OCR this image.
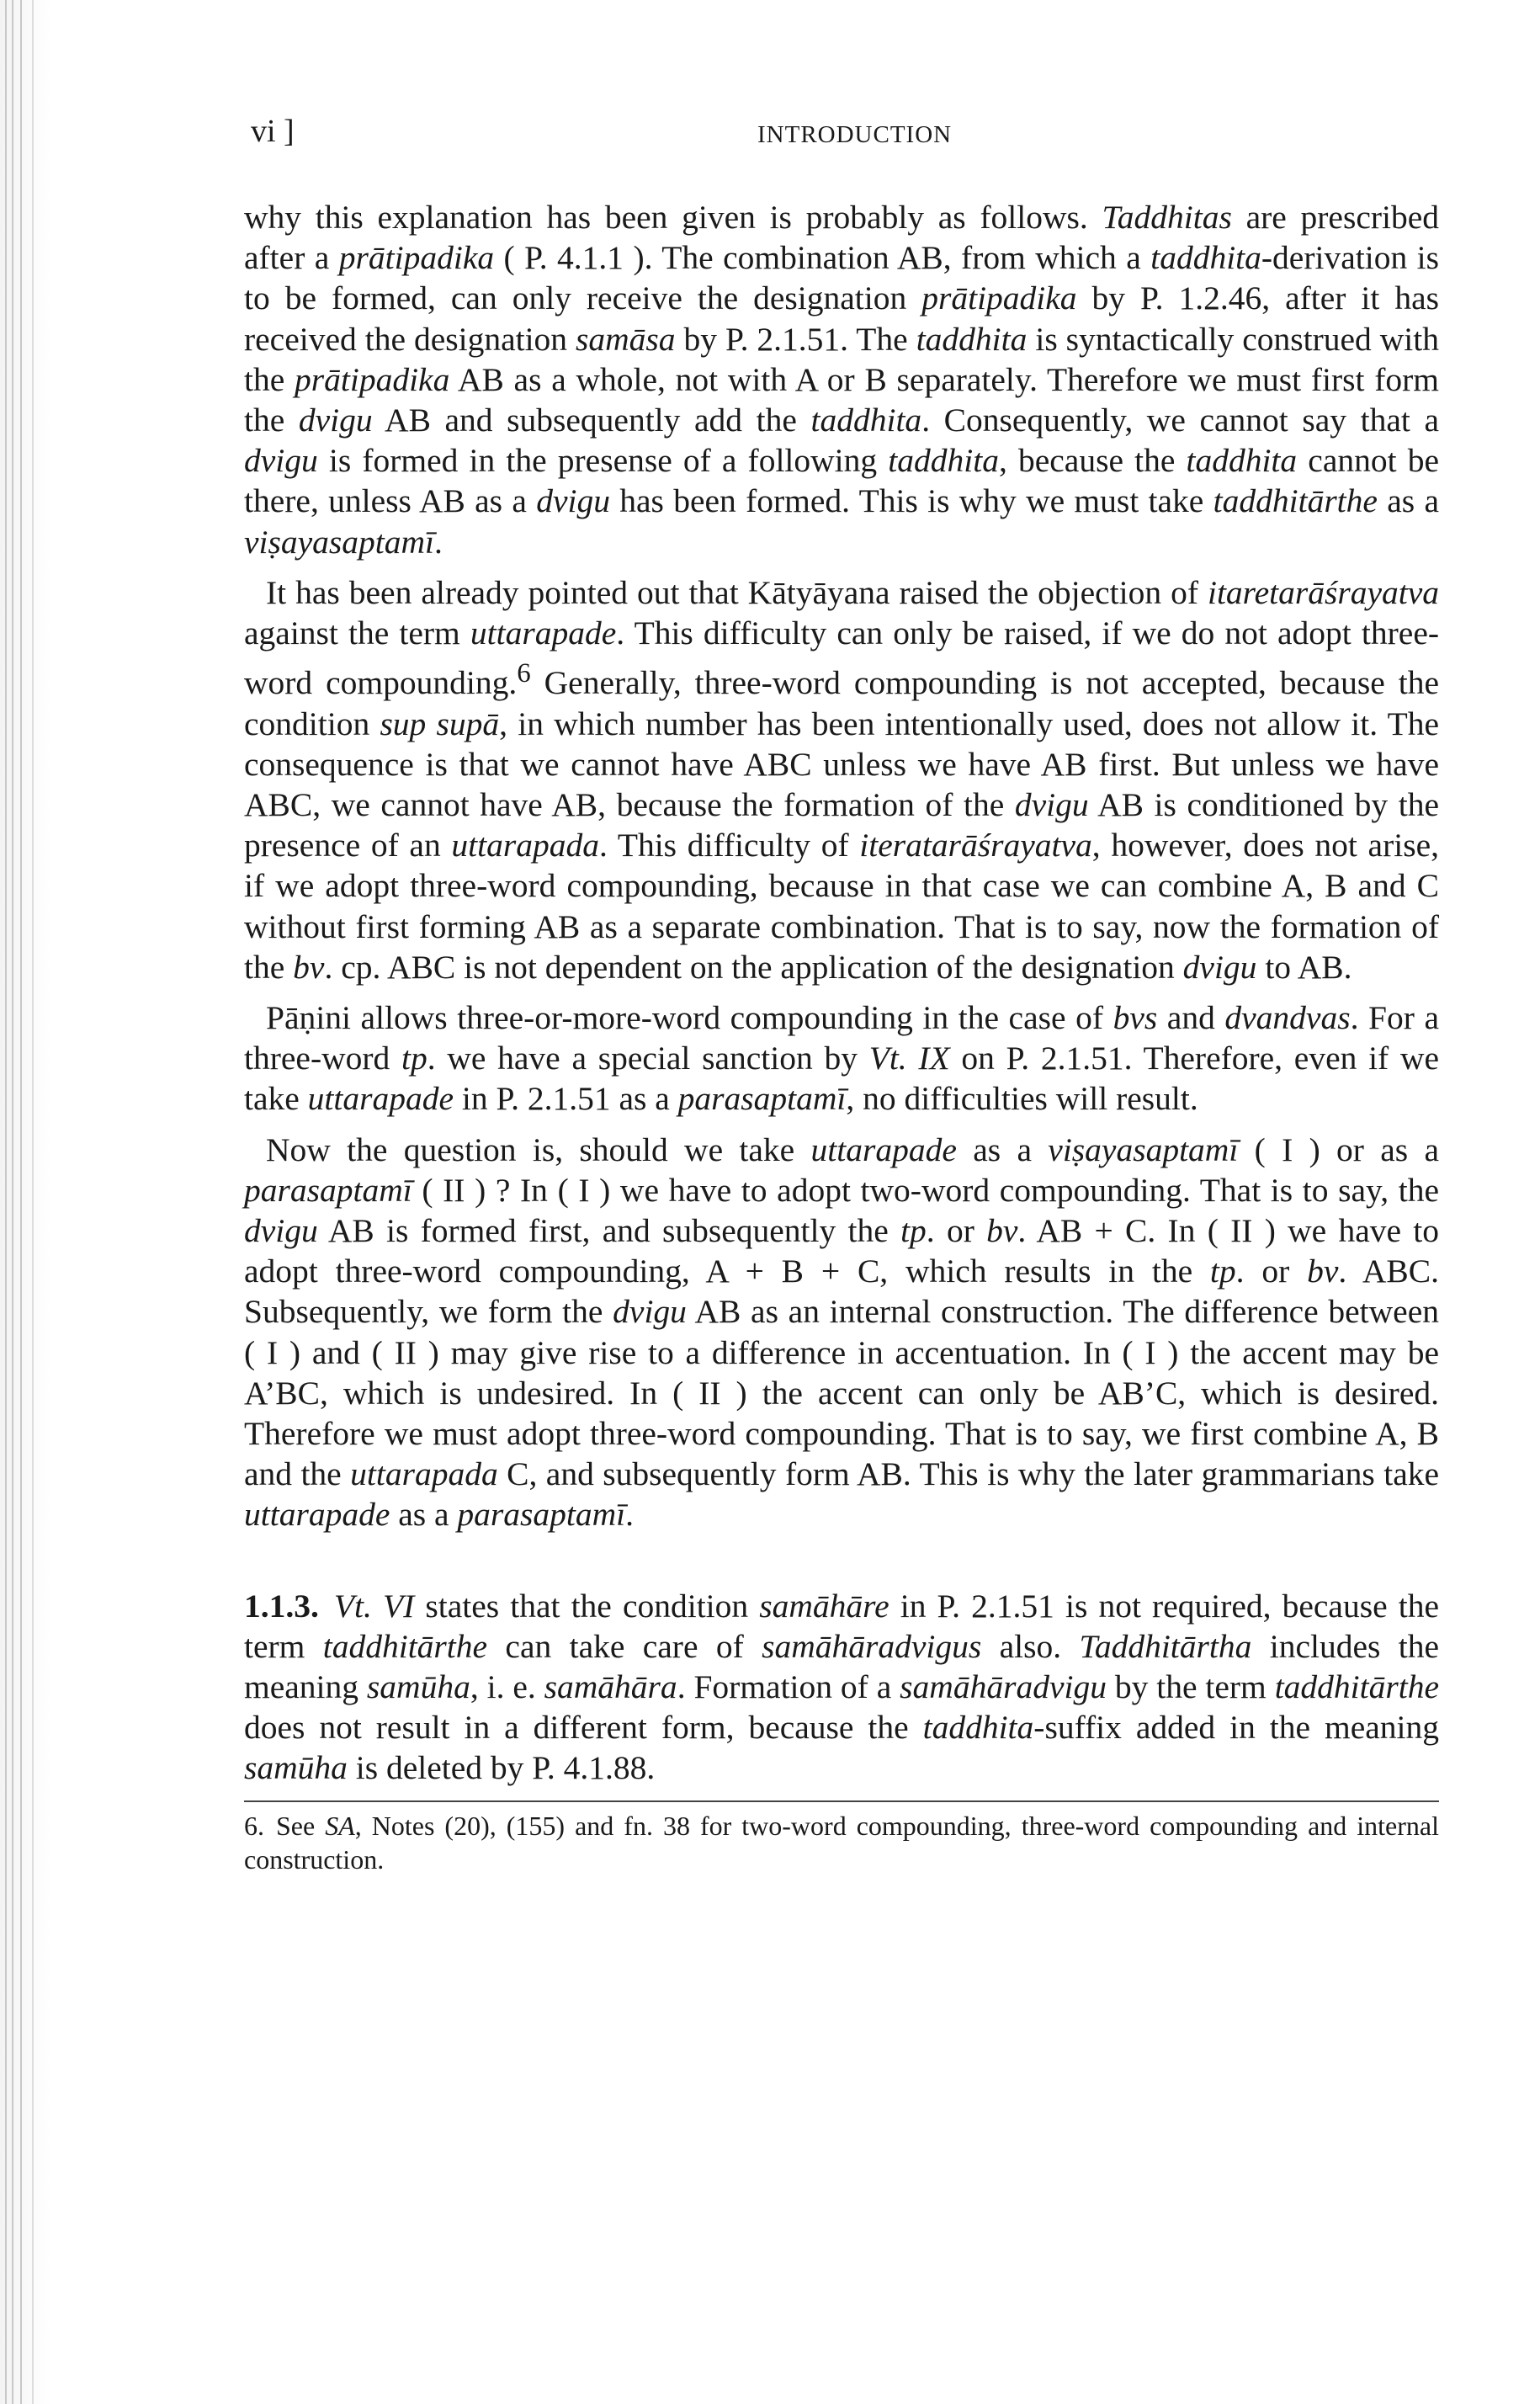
vi ]	INTRODUCTION

why this explanation has been given is probably as follows. Taddhitas are prescribed after a prātipadika ( P. 4.1.1 ). The combination AB, from which a taddhita-derivation is to be formed, can only receive the designation prātipadika by P. 1.2.46, after it has received the designation samāsa by P. 2.1.51. The taddhita is syntactically construed with the prātipadika AB as a whole, not with A or B separately. Therefore we must first form the dvigu AB and subsequently add the taddhita. Consequently, we cannot say that a dvigu is formed in the presense of a following taddhita, because the taddhita cannot be there, unless AB as a dvigu has been formed. This is why we must take taddhitārthe as a viṣayasaptamī.

It has been already pointed out that Kātyāyana raised the objection of itaretarāśrayatva against the term uttarapade. This difficulty can only be raised, if we do not adopt three-word compounding.$^6$ Generally, three-word compounding is not accepted, because the condition sup supā, in which number has been intentionally used, does not allow it. The consequence is that we cannot have ABC unless we have AB first. But unless we have ABC, we cannot have AB, because the formation of the dvigu AB is conditioned by the presence of an uttarapada. This difficulty of iteratarāśrayatva, however, does not arise, if we adopt three-word compounding, because in that case we can combine A, B and C without first forming AB as a separate combination. That is to say, now the formation of the bv. cp. ABC is not dependent on the application of the designation dvigu to AB.

Pāṇini allows three-or-more-word compounding in the case of bvs and dvandvas. For a three-word tp. we have a special sanction by Vt. IX on P. 2.1.51. Therefore, even if we take uttarapade in P. 2.1.51 as a parasaptamī, no difficulties will result.

Now the question is, should we take uttarapade as a viṣayasaptamī ( I ) or as a parasaptamī ( II ) ? In ( I ) we have to adopt two-word compounding. That is to say, the dvigu AB is formed first, and subsequently the tp. or bv. AB + C. In ( II ) we have to adopt three-word compounding, A + B + C, which results in the tp. or bv. ABC. Subsequently, we form the dvigu AB as an internal construction. The difference between ( I ) and ( II ) may give rise to a difference in accentuation. In ( I ) the accent may be A’BC, which is undesired. In ( II ) the accent can only be AB’C, which is desired. Therefore we must adopt three-word compounding. That is to say, we first combine A, B and the uttarapada C, and subsequently form AB. This is why the later grammarians take uttarapade as a parasaptamī.

1.1.3. Vt. VI states that the condition samāhāre in P. 2.1.51 is not required, because the term taddhitārthe can take care of samāhāradvigus also. Taddhitārtha includes the meaning samūha, i. e. samāhāra. Formation of a samāhāradvigu by the term taddhitārthe does not result in a different form, because the taddhita-suffix added in the meaning samūha is deleted by P. 4.1.88.

6. See SA, Notes (20), (155) and fn. 38 for two-word compounding, three-word compounding and internal construction.
